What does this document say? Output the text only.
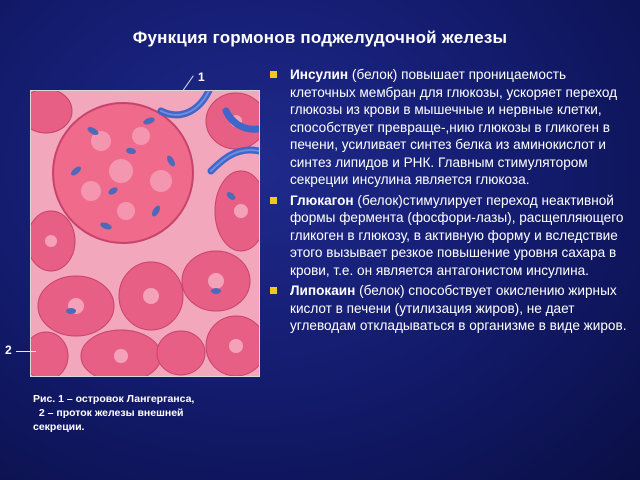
Функция гормонов поджелудочной железы
1
2
Рис. 1 – островок Лангерганса,
2 – проток железы внешней
секреции.
Инсулин (белок) повышает проницаемость клеточных мембран для глюкозы, ускоряет переход глюкозы из крови в мышечные и нервные клетки, способствует превраще-,нию глюкозы в гликоген в печени, усиливает синтез белка из аминокислот и синтез липидов и РНК. Главным стимулятором секреции инсулина является глюкоза.
Глюкагон (белок)стимулирует переход неактивной формы фермента (фосфори-лазы), расщепляющего гликоген в глюкозу, в активную форму и вследствие этого вызывает резкое повышение уровня сахара в крови, т.е. он является антагонистом инсулина.
Липокаин (белок) способствует окислению жирных кислот в печени (утилизация жиров), не дает углеводам откладываться в организме в виде жиров.
